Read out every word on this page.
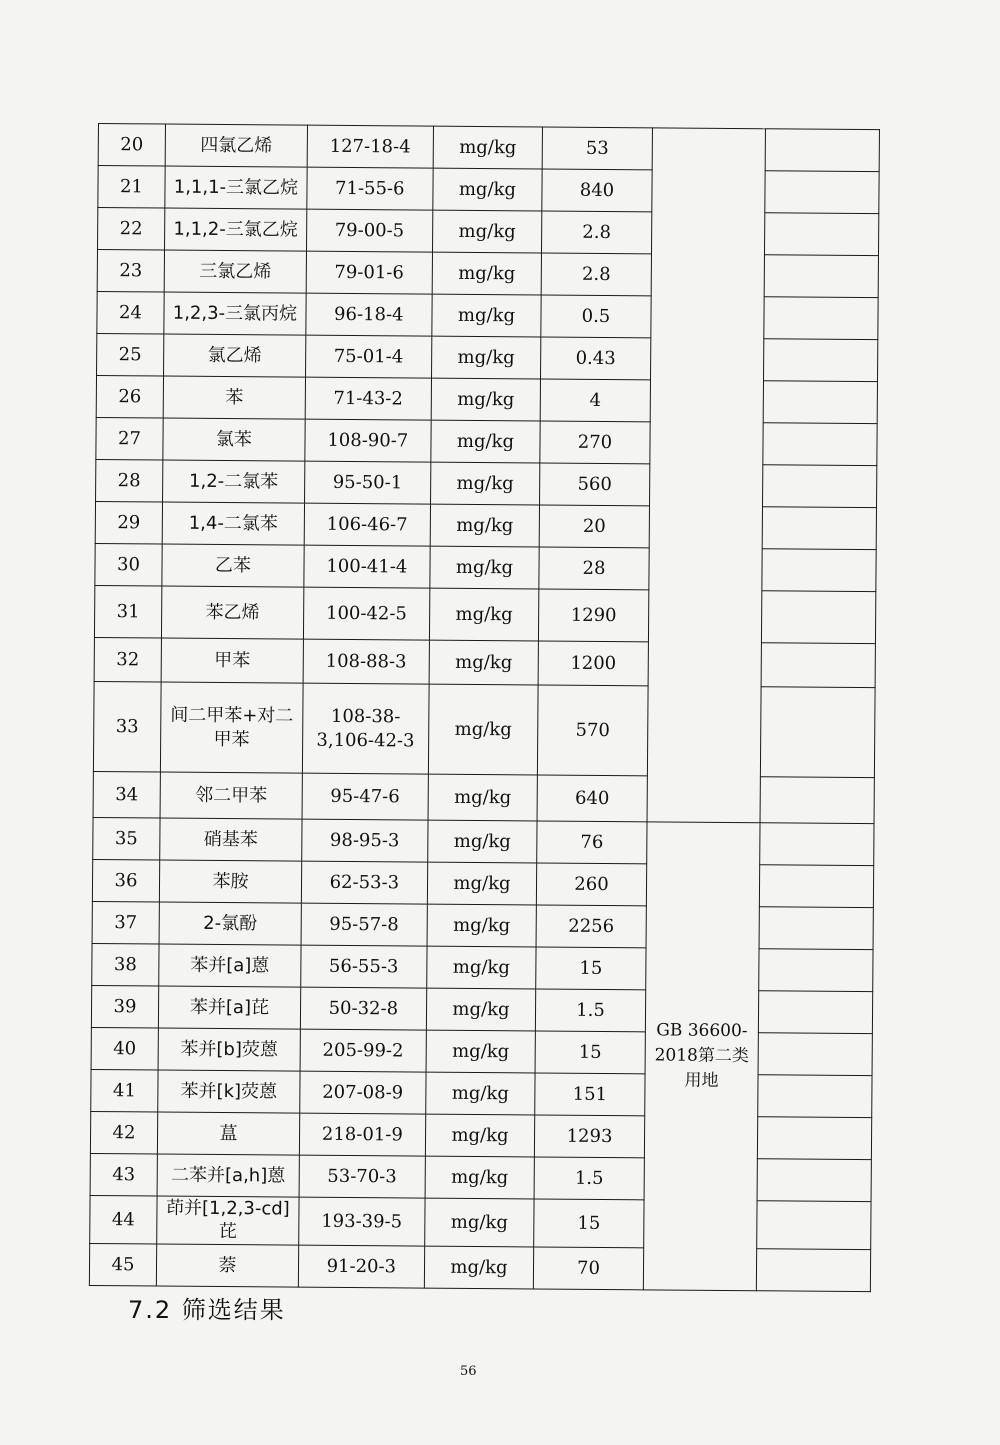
20	四氯乙烯	127-18-4	mg/kg	53		
21	1,1,1-三氯乙烷	71-55-6	mg/kg	840		
22	1,1,2-三氯乙烷	79-00-5	mg/kg	2.8		
23	三氯乙烯	79-01-6	mg/kg	2.8		
24	1,2,3-三氯丙烷	96-18-4	mg/kg	0.5		
25	氯乙烯	75-01-4	mg/kg	0.43		
26	苯	71-43-2	mg/kg	4		
27	氯苯	108-90-7	mg/kg	270		
28	1,2-二氯苯	95-50-1	mg/kg	560		
29	1,4-二氯苯	106-46-7	mg/kg	20		
30	乙苯	100-41-4	mg/kg	28		
31	苯乙烯	100-42-5	mg/kg	1290		
32	甲苯	108-88-3	mg/kg	1200		
33	间二甲苯+对二甲苯	108-38-3,106-42-3	mg/kg	570		
34	邻二甲苯	95-47-6	mg/kg	640		
35	硝基苯	98-95-3	mg/kg	76	GB 36600-2018第二类用地	
36	苯胺	62-53-3	mg/kg	260		
37	2-氯酚	95-57-8	mg/kg	2256		
38	苯并[a]蒽	56-55-3	mg/kg	15		
39	苯并[a]芘	50-32-8	mg/kg	1.5		
40	苯并[b]荧蒽	205-99-2	mg/kg	15		
41	苯并[k]荧蒽	207-08-9	mg/kg	151		
42	蒀	218-01-9	mg/kg	1293		
43	二苯并[a,h]蒽	53-70-3	mg/kg	1.5		
44	茚并[1,2,3-cd]芘	193-39-5	mg/kg	15		
45	萘	91-20-3	mg/kg	70		
7.2 筛选结果
56
